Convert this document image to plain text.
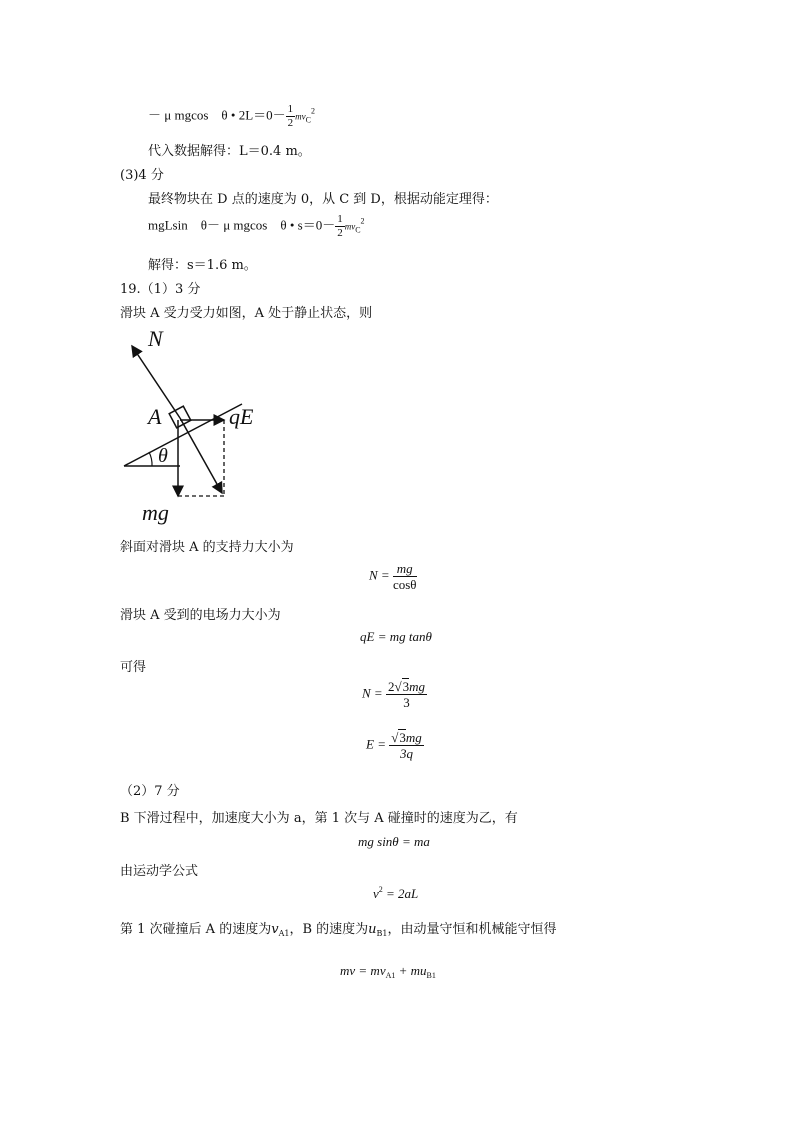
－ μ mgcos　θ • $2L=0- \frac{1}{2} mv_C^2$
代入数据解得：L＝0.4 m。
(3)4 分
最终物块在 D 点的速度为 0，从 C 到 D，根据动能定理得：
mgLsin　θ－ μ mgcos　θ • $s=0- \frac{1}{2} mv_C^2$
解得：s＝1.6 m。
19.（1）3 分
滑块 A 受力受力如图，A 处于静止状态，则
N
A	qE
θ
mg
斜面对滑块 A 的支持力大小为
$N = \frac{mg}{\cos\theta}$
滑块 A 受到的电场力大小为
qE = mg tanθ
可得
$N = \frac{2√3mg}{3}$
$E = \frac{√3mg}{3q}$
（2）7 分
B 下滑过程中，加速度大小为 a，第 1 次与 A 碰撞时的速度为乙，有
mg sinθ = ma
由运动学公式
$v^2 = 2aL$
第 1 次碰撞后 A 的速度为$v_{A1}$，B 的速度为$u_{B1}$，由动量守恒和机械能守恒得
mv = $mv_{A1} + mu_{B1}$
